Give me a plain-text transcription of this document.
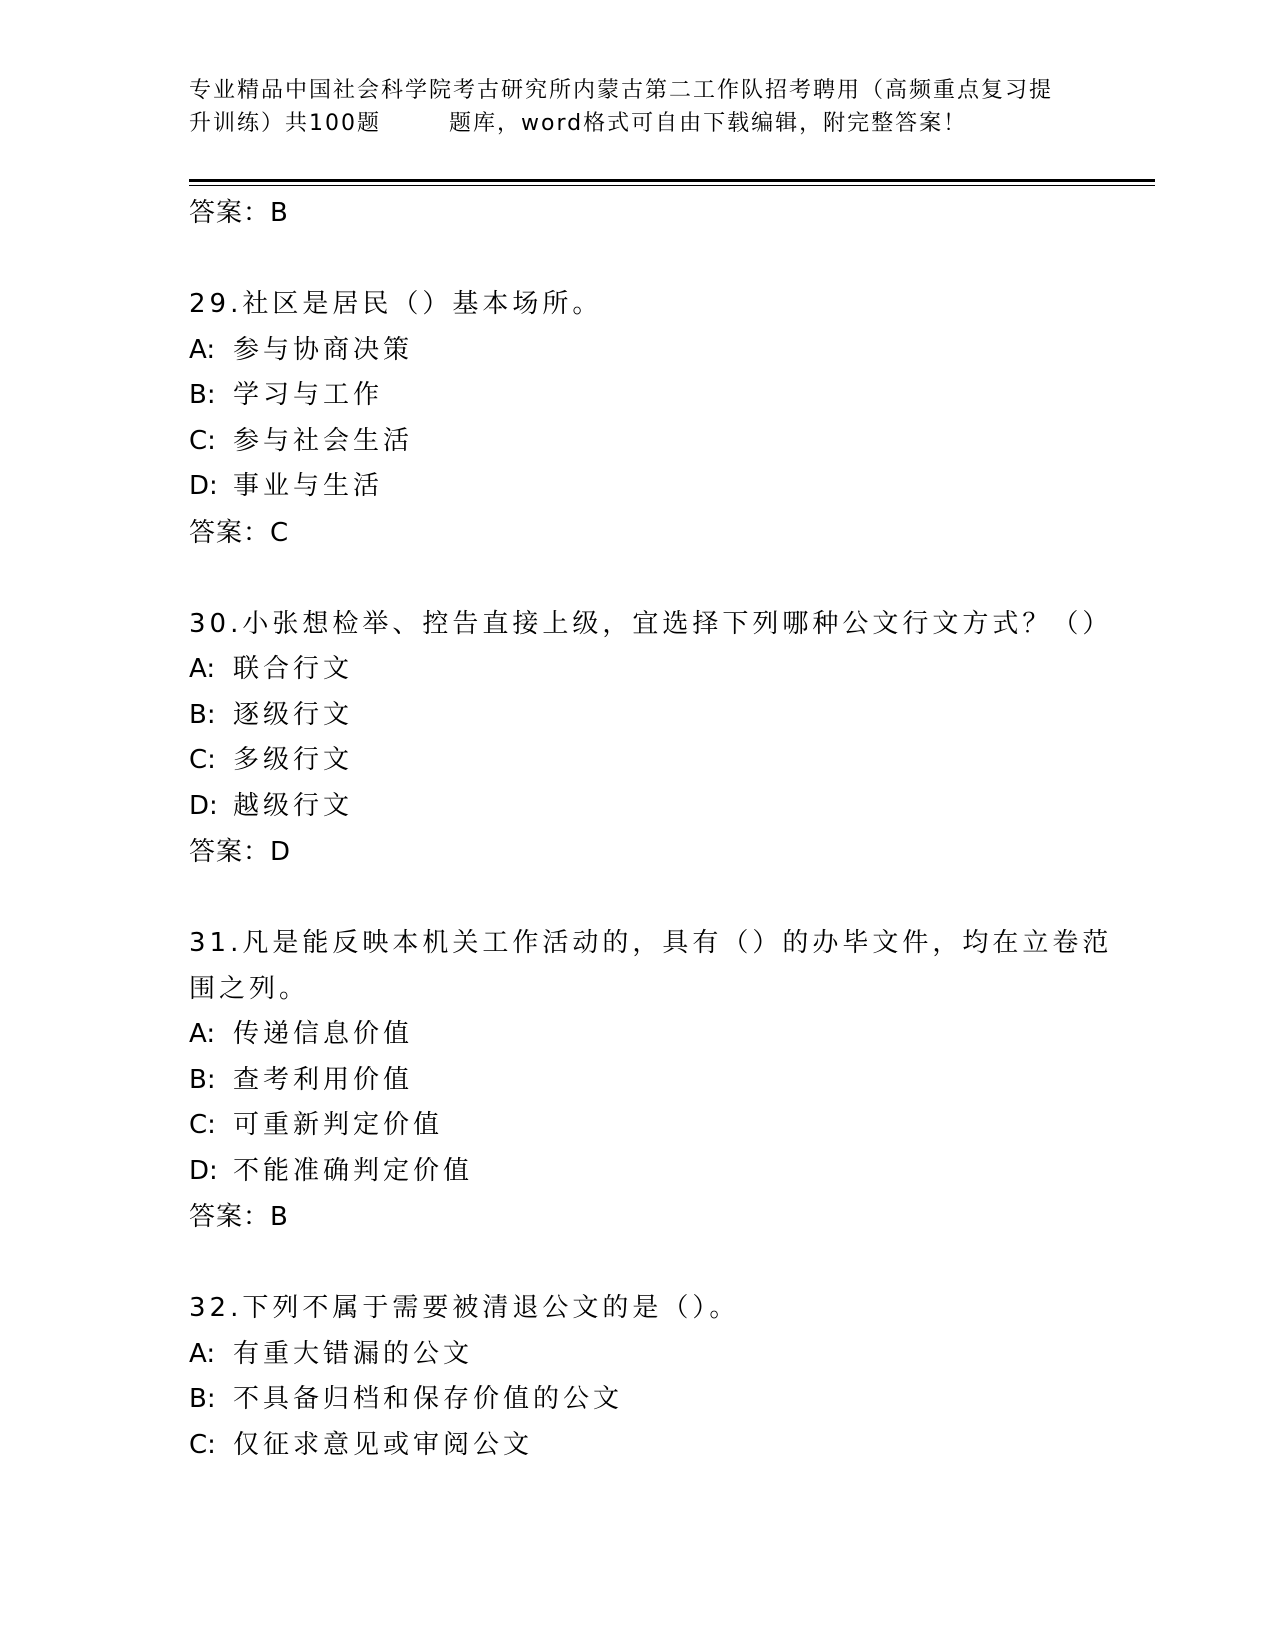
专业精品中国社会科学院考古研究所内蒙古第二工作队招考聘用（高频重点复习提
升训练）共100题	题库，word格式可自由下载编辑，附完整答案！
答案：B
29.社区是居民（）基本场所。
A: 参与协商决策
B: 学习与工作
C: 参与社会生活
D: 事业与生活
答案：C
30.小张想检举、控告直接上级，宜选择下列哪种公文行文方式？（）
A: 联合行文
B: 逐级行文
C: 多级行文
D: 越级行文
答案：D
31.凡是能反映本机关工作活动的，具有（）的办毕文件，均在立卷范
围之列。
A: 传递信息价值
B: 查考利用价值
C: 可重新判定价值
D: 不能准确判定价值
答案：B
32.下列不属于需要被清退公文的是（）。
A: 有重大错漏的公文
B: 不具备归档和保存价值的公文
C: 仅征求意见或审阅公文
